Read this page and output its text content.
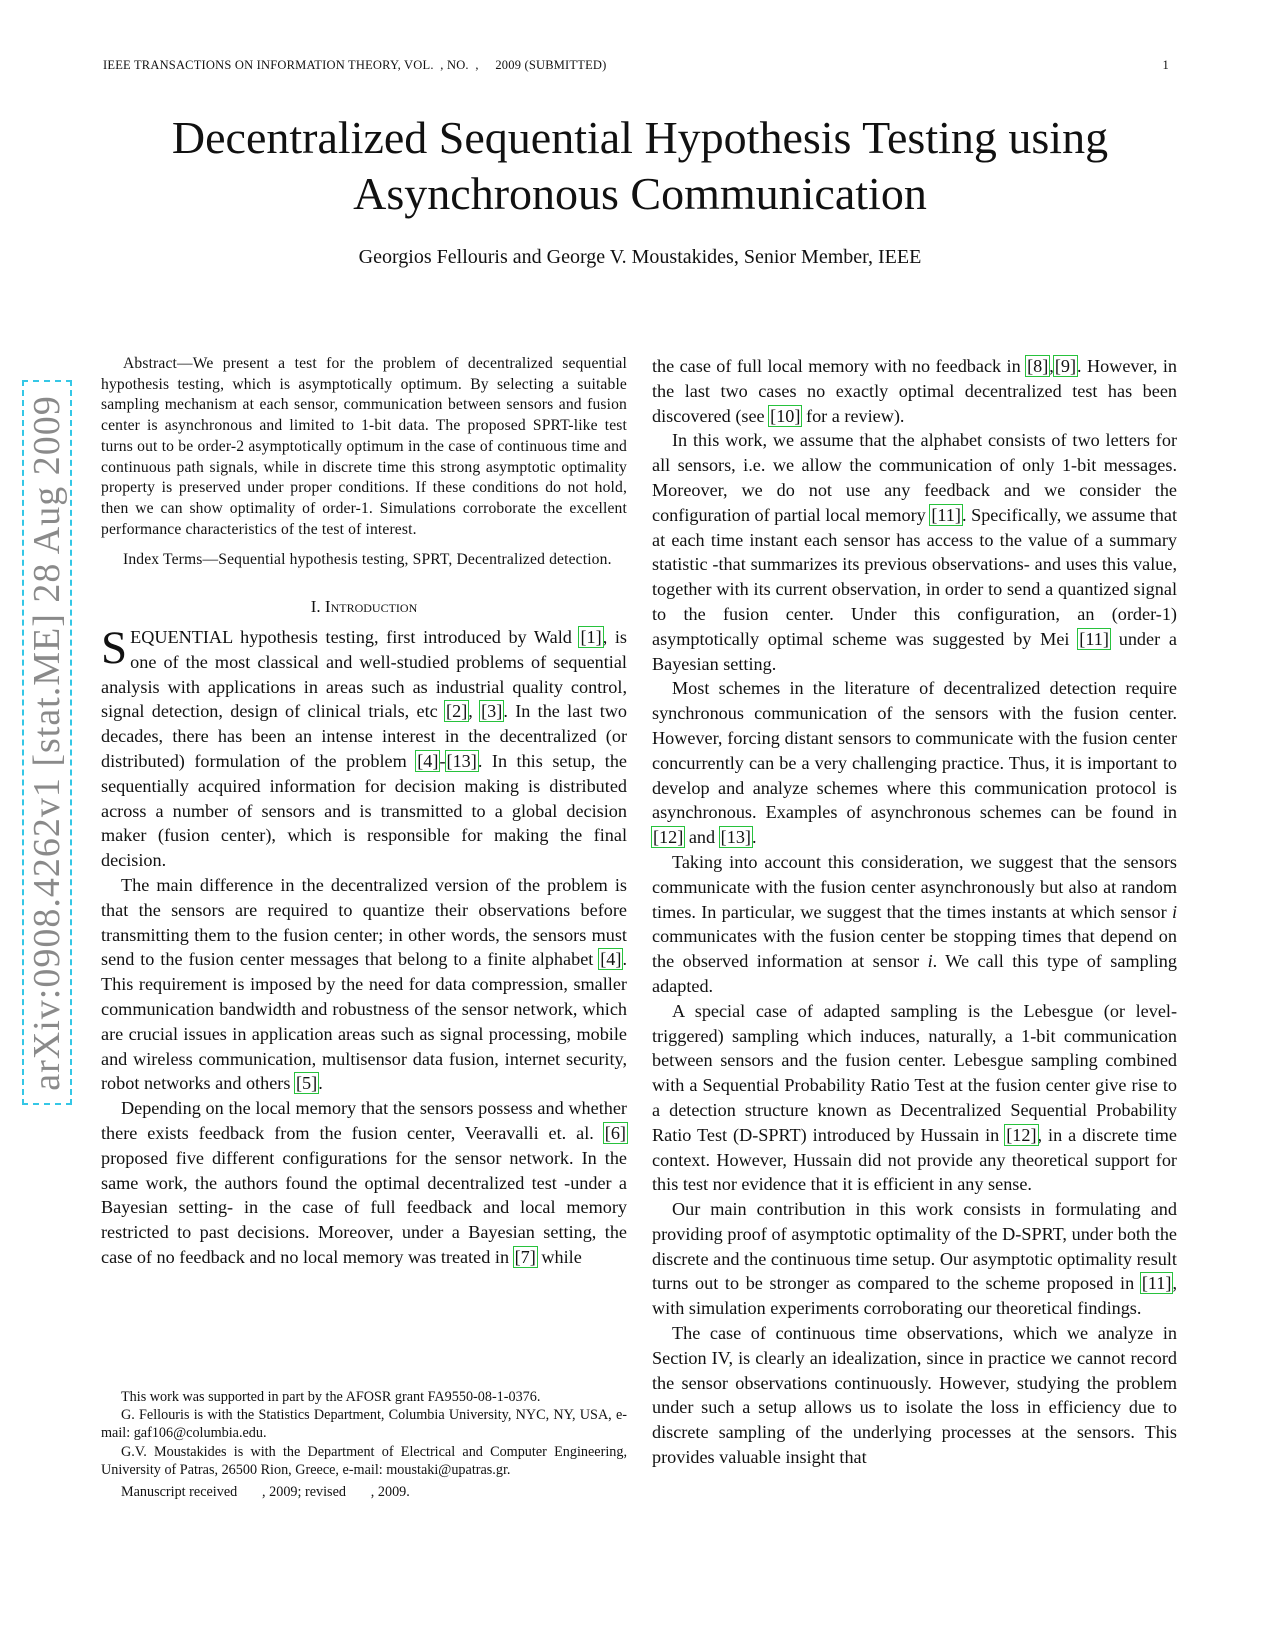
IEEE TRANSACTIONS ON INFORMATION THEORY, VOL.  , NO.  ,     2009 (SUBMITTED)	1
Decentralized Sequential Hypothesis Testing using Asynchronous Communication
Georgios Fellouris and George V. Moustakides, Senior Member, IEEE
arXiv:0908.4262v1 [stat.ME] 28 Aug 2009

Abstract—We present a test for the problem of decentralized sequential hypothesis testing, which is asymptotically optimum. By selecting a suitable sampling mechanism at each sensor, communication between sensors and fusion center is asynchronous and limited to 1-bit data. The proposed SPRT-like test turns out to be order-2 asymptotically optimum in the case of continuous time and continuous path signals, while in discrete time this strong asymptotic optimality property is preserved under proper conditions. If these conditions do not hold, then we can show optimality of order-1. Simulations corroborate the excellent performance characteristics of the test of interest.

Index Terms—Sequential hypothesis testing, SPRT, Decentralized detection.

I. Introduction

SEQUENTIAL hypothesis testing, first introduced by Wald [1], is one of the most classical and well-studied problems of sequential analysis with applications in areas such as industrial quality control, signal detection, design of clinical trials, etc [2], [3]. In the last two decades, there has been an intense interest in the decentralized (or distributed) formulation of the problem [4]-[13]. In this setup, the sequentially acquired information for decision making is distributed across a number of sensors and is transmitted to a global decision maker (fusion center), which is responsible for making the final decision.

The main difference in the decentralized version of the problem is that the sensors are required to quantize their observations before transmitting them to the fusion center; in other words, the sensors must send to the fusion center messages that belong to a finite alphabet [4]. This requirement is imposed by the need for data compression, smaller communication bandwidth and robustness of the sensor network, which are crucial issues in application areas such as signal processing, mobile and wireless communication, multisensor data fusion, internet security, robot networks and others [5].

Depending on the local memory that the sensors possess and whether there exists feedback from the fusion center, Veeravalli et. al. [6] proposed five different configurations for the sensor network. In the same work, the authors found the optimal decentralized test -under a Bayesian setting- in the case of full feedback and local memory restricted to past decisions. Moreover, under a Bayesian setting, the case of no feedback and no local memory was treated in [7] while

This work was supported in part by the AFOSR grant FA9550-08-1-0376.

G. Fellouris is with the Statistics Department, Columbia University, NYC, NY, USA, e-mail: gaf106@columbia.edu.

G.V. Moustakides is with the Department of Electrical and Computer Engineering, University of Patras, 26500 Rion, Greece, e-mail: moustaki@upatras.gr.

Manuscript received       , 2009; revised       , 2009.

the case of full local memory with no feedback in [8],[9]. However, in the last two cases no exactly optimal decentralized test has been discovered (see [10] for a review).

In this work, we assume that the alphabet consists of two letters for all sensors, i.e. we allow the communication of only 1-bit messages. Moreover, we do not use any feedback and we consider the configuration of partial local memory [11]. Specifically, we assume that at each time instant each sensor has access to the value of a summary statistic -that summarizes its previous observations- and uses this value, together with its current observation, in order to send a quantized signal to the fusion center. Under this configuration, an (order-1) asymptotically optimal scheme was suggested by Mei [11] under a Bayesian setting.

Most schemes in the literature of decentralized detection require synchronous communication of the sensors with the fusion center. However, forcing distant sensors to communicate with the fusion center concurrently can be a very challenging practice. Thus, it is important to develop and analyze schemes where this communication protocol is asynchronous. Examples of asynchronous schemes can be found in [12] and [13].

Taking into account this consideration, we suggest that the sensors communicate with the fusion center asynchronously but also at random times. In particular, we suggest that the times instants at which sensor i communicates with the fusion center be stopping times that depend on the observed information at sensor i. We call this type of sampling adapted.

A special case of adapted sampling is the Lebesgue (or level-triggered) sampling which induces, naturally, a 1-bit communication between sensors and the fusion center. Lebesgue sampling combined with a Sequential Probability Ratio Test at the fusion center give rise to a detection structure known as Decentralized Sequential Probability Ratio Test (D-SPRT) introduced by Hussain in [12], in a discrete time context. However, Hussain did not provide any theoretical support for this test nor evidence that it is efficient in any sense.

Our main contribution in this work consists in formulating and providing proof of asymptotic optimality of the D-SPRT, under both the discrete and the continuous time setup. Our asymptotic optimality result turns out to be stronger as compared to the scheme proposed in [11], with simulation experiments corroborating our theoretical findings.

The case of continuous time observations, which we analyze in Section IV, is clearly an idealization, since in practice we cannot record the sensor observations continuously. However, studying the problem under such a setup allows us to isolate the loss in efficiency due to discrete sampling of the underlying processes at the sensors. This provides valuable insight that
